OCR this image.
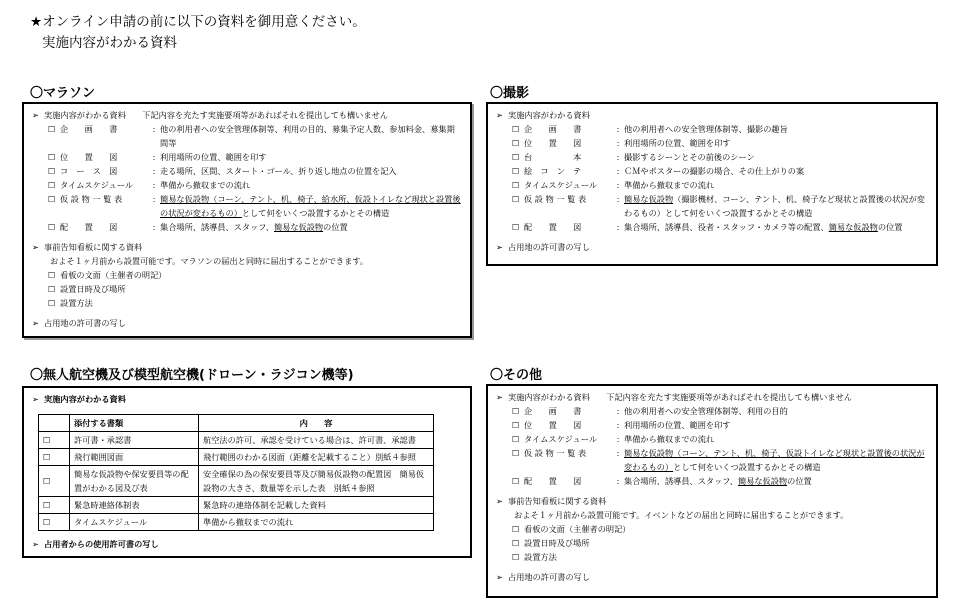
★オンライン申請の前に以下の資料を御用意ください。
実施内容がわかる資料
〇マラソン
➢ 実施内容がわかる資料　　下記内容を充たす実施要項等があればそれを提出しても構いません
☐ 企　　画　　書	: 他の利用者への安全管理体制等、利用の目的、募集予定人数、参加料金、募集期間等
☐ 位　　置　　図	: 利用場所の位置、範囲を印す
☐ コ　ー　ス　図	: 走る場所、区間、スタート・ゴール、折り返し地点の位置を記入
☐ タイムスケジュール	: 準備から撤収までの流れ
☐ 仮 設 物 一 覧 表	: 簡易な仮設物（コーン、テント、机、椅子、給水所、仮設トイレなど現状と設置後の状況が変わるもの）として何をいくつ設置するかとその構造
☐ 配　　置　　図	: 集合場所、誘導員、スタッフ、簡易な仮設物の位置
➢ 事前告知看板に関する資料
およそ１ヶ月前から設置可能です。マラソンの届出と同時に届出することができます。
☐ 看板の文面（主催者の明記）
☐ 設置日時及び場所
☐ 設置方法
➢ 占用地の許可書の写し
〇撮影
➢ 実施内容がわかる資料
☐ 企　　画　　書	: 他の利用者への安全管理体制等、撮影の趣旨
☐ 位　　置　　図	: 利用場所の位置、範囲を印す
☐ 台　　　　　本	: 撮影するシーンとその前後のシーン
☐ 絵　コ　ン　テ	: ＣＭやポスターの撮影の場合、その仕上がりの案
☐ タイムスケジュール	: 準備から撤収までの流れ
☐ 仮 設 物 一 覧 表	: 簡易な仮設物（撮影機材、コーン、テント、机、椅子など現状と設置後の状況が変わるもの）として何をいくつ設置するかとその構造
☐ 配　　置　　図	: 集合場所、誘導員、役者・スタッフ・カメラ等の配置、簡易な仮設物の位置
➢ 占用地の許可書の写し
〇無人航空機及び模型航空機(ドローン・ラジコン機等)
➢ 実施内容がわかる資料
	添付する書類	内　　容
☐	許可書・承認書	航空法の許可、承認を受けている場合は、許可書、承認書
☐	飛行範囲図面	飛行範囲のわかる図面（距離を記載すること）別紙４参照
☐	簡易な仮設物や保安要員等の配置がわかる図及び表	安全確保の為の保安要員等及び簡易仮設物の配置図　簡易仮設物の大きさ、数量等を示した表　別紙４参照
☐	緊急時連絡体制表	緊急時の連絡体制を記載した資料
☐	タイムスケジュール	準備から撤収までの流れ
➢ 占用者からの使用許可書の写し
〇その他
➢ 実施内容がわかる資料　　下記内容を充たす実施要項等があればそれを提出しても構いません
☐ 企　　画　　書	: 他の利用者への安全管理体制等、利用の目的
☐ 位　　置　　図	: 利用場所の位置、範囲を印す
☐ タイムスケジュール	: 準備から撤収までの流れ
☐ 仮 設 物 一 覧 表	: 簡易な仮設物（コーン、テント、机、椅子、仮設トイレなど現状と設置後の状況が変わるもの）として何をいくつ設置するかとその構造
☐ 配　　置　　図	: 集合場所、誘導員、スタッフ、簡易な仮設物の位置
➢ 事前告知看板に関する資料
およそ１ヶ月前から設置可能です。イベントなどの届出と同時に届出することができます。
☐ 看板の文面（主催者の明記）
☐ 設置日時及び場所
☐ 設置方法
➢ 占用地の許可書の写し
